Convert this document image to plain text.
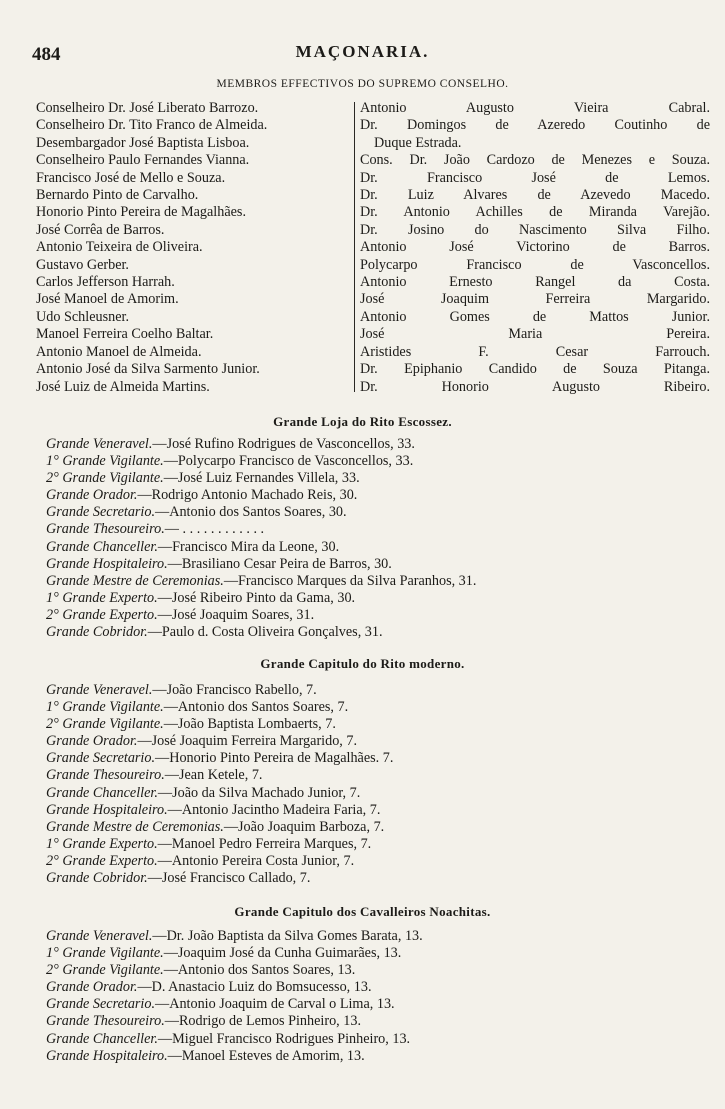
484	MAÇONARIA.
MEMBROS EFFECTIVOS DO SUPREMO CONSELHO.
Conselheiro Dr. José Liberato Barrozo.
Conselheiro Dr. Tito Franco de Almeida.
Desembargador José Baptista Lisboa.
Conselheiro Paulo Fernandes Vianna.
Francisco José de Mello e Souza.
Bernardo Pinto de Carvalho.
Honorio Pinto Pereira de Magalhães.
José Corrêa de Barros.
Antonio Teixeira de Oliveira.
Gustavo Gerber.
Carlos Jefferson Harrah.
José Manoel de Amorim.
Udo Schleusner.
Manoel Ferreira Coelho Baltar.
Antonio Manoel de Almeida.
Antonio José da Silva Sarmento Junior.
José Luiz de Almeida Martins.
Antonio Augusto Vieira Cabral.
Dr. Domingos de Azeredo Coutinho de
Duque Estrada.
Cons. Dr. João Cardozo de Menezes e Souza.
Dr. Francisco José de Lemos.
Dr. Luiz Alvares de Azevedo Macedo.
Dr. Antonio Achilles de Miranda Varejão.
Dr. Josino do Nascimento Silva Filho.
Antonio José Victorino de Barros.
Polycarpo Francisco de Vasconcellos.
Antonio Ernesto Rangel da Costa.
José Joaquim Ferreira Margarido.
Antonio Gomes de Mattos Junior.
José Maria Pereira.
Aristides F. Cesar Farrouch.
Dr. Epiphanio Candido de Souza Pitanga.
Dr. Honorio Augusto Ribeiro.
Grande Loja do Rito Escossez.
Grande Veneravel.—José Rufino Rodrigues de Vasconcellos, 33.
1° Grande Vigilante.—Polycarpo Francisco de Vasconcellos, 33.
2° Grande Vigilante.—José Luiz Fernandes Villela, 33.
Grande Orador.—Rodrigo Antonio Machado Reis, 30.
Grande Secretario.—Antonio dos Santos Soares, 30.
Grande Thesoureiro.— . . . . . . . . . . . .
Grande Chanceller.—Francisco Mira da Leone, 30.
Grande Hospitaleiro.—Brasiliano Cesar Peira de Barros, 30.
Grande Mestre de Ceremonias.—Francisco Marques da Silva Paranhos, 31.
1° Grande Experto.—José Ribeiro Pinto da Gama, 30.
2° Grande Experto.—José Joaquim Soares, 31.
Grande Cobridor.—Paulo d. Costa Oliveira Gonçalves, 31.
Grande Capitulo do Rito moderno.
Grande Veneravel.—João Francisco Rabello, 7.
1° Grande Vigilante.—Antonio dos Santos Soares, 7.
2° Grande Vigilante.—João Baptista Lombaerts, 7.
Grande Orador.—José Joaquim Ferreira Margarido, 7.
Grande Secretario.—Honorio Pinto Pereira de Magalhães. 7.
Grande Thesoureiro.—Jean Ketele, 7.
Grande Chanceller.—João da Silva Machado Junior, 7.
Grande Hospitaleiro.—Antonio Jacintho Madeira Faria, 7.
Grande Mestre de Ceremonias.—João Joaquim Barboza, 7.
1° Grande Experto.—Manoel Pedro Ferreira Marques, 7.
2° Grande Experto.—Antonio Pereira Costa Junior, 7.
Grande Cobridor.—José Francisco Callado, 7.
Grande Capitulo dos Cavalleiros Noachitas.
Grande Veneravel.—Dr. João Baptista da Silva Gomes Barata, 13.
1° Grande Vigilante.—Joaquim José da Cunha Guimarães, 13.
2° Grande Vigilante.—Antonio dos Santos Soares, 13.
Grande Orador.—D. Anastacio Luiz do Bomsucesso, 13.
Grande Secretario.—Antonio Joaquim de Carval o Lima, 13.
Grande Thesoureiro.—Rodrigo de Lemos Pinheiro, 13.
Grande Chanceller.—Miguel Francisco Rodrigues Pinheiro, 13.
Grande Hospitaleiro.—Manoel Esteves de Amorim, 13.
